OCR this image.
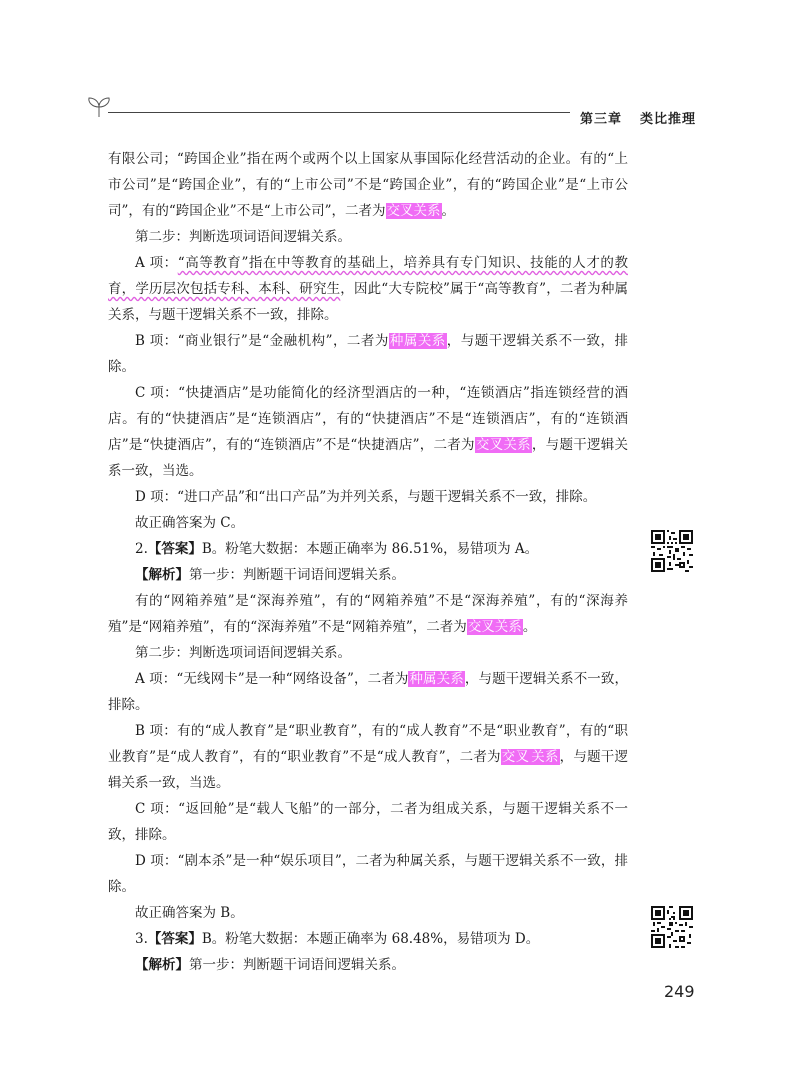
第三章 类比推理

有限公司；“跨国企业”指在两个或两个以上国家从事国际化经营活动的企业。有的“上市公司”是“跨国企业”，有的“上市公司”不是“跨国企业”，有的“跨国企业”是“上市公司”，有的“跨国企业”不是“上市公司”，二者为交叉关系。

第二步：判断选项词语间逻辑关系。

A 项：“高等教育”指在中等教育的基础上，培养具有专门知识、技能的人才的教育，学历层次包括专科、本科、研究生，因此“大专院校”属于“高等教育”，二者为种属关系，与题干逻辑关系不一致，排除。

B 项：“商业银行”是“金融机构”，二者为种属关系，与题干逻辑关系不一致，排除。

C 项：“快捷酒店”是功能简化的经济型酒店的一种，“连锁酒店”指连锁经营的酒店。有的“快捷酒店”是“连锁酒店”，有的“快捷酒店”不是“连锁酒店”，有的“连锁酒店”是“快捷酒店”，有的“连锁酒店”不是“快捷酒店”，二者为交叉关系，与题干逻辑关系一致，当选。

D 项：“进口产品”和“出口产品”为并列关系，与题干逻辑关系不一致，排除。

故正确答案为 C。

2.【答案】B。粉笔大数据：本题正确率为 86.51%，易错项为 A。

【解析】第一步：判断题干词语间逻辑关系。

有的“网箱养殖”是“深海养殖”，有的“网箱养殖”不是“深海养殖”，有的“深海养殖”是“网箱养殖”，有的“深海养殖”不是“网箱养殖”，二者为交叉关系。

第二步：判断选项词语间逻辑关系。

A 项：“无线网卡”是一种“网络设备”，二者为种属关系，与题干逻辑关系不一致，排除。

B 项：有的“成人教育”是“职业教育”，有的“成人教育”不是“职业教育”，有的“职业教育”是“成人教育”，有的“职业教育”不是“成人教育”，二者为交叉 关系，与题干逻辑关系一致，当选。

C 项：“返回舱”是“载人飞船”的一部分，二者为组成关系，与题干逻辑关系不一致，排除。

D 项：“剧本杀”是一种“娱乐项目”，二者为种属关系，与题干逻辑关系不一致，排除。

故正确答案为 B。

3.【答案】B。粉笔大数据：本题正确率为 68.48%，易错项为 D。

【解析】第一步：判断题干词语间逻辑关系。

249
